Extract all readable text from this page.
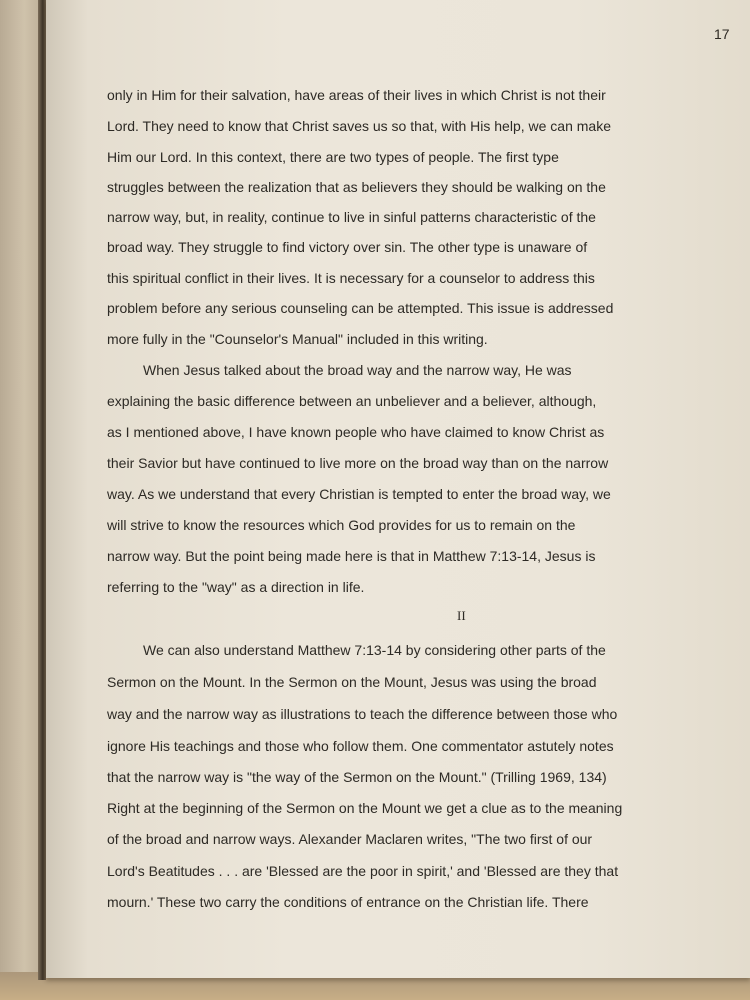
17

only in Him for their salvation, have areas of their lives in which Christ is not their

Lord. They need to know that Christ saves us so that, with His help, we can make

Him our Lord. In this context, there are two types of people. The first type

struggles between the realization that as believers they should be walking on the

narrow way, but, in reality, continue to live in sinful patterns characteristic of the

broad way. They struggle to find victory over sin. The other type is unaware of

this spiritual conflict in their lives. It is necessary for a counselor to address this

problem before any serious counseling can be attempted. This issue is addressed

more fully in the "Counselor's Manual" included in this writing.

When Jesus talked about the broad way and the narrow way, He was

explaining the basic difference between an unbeliever and a believer, although,

as I mentioned above, I have known people who have claimed to know Christ as

their Savior but have continued to live more on the broad way than on the narrow

way. As we understand that every Christian is tempted to enter the broad way, we

will strive to know the resources which God provides for us to remain on the

narrow way. But the point being made here is that in Matthew 7:13-14, Jesus is

referring to the "way" as a direction in life.

II

We can also understand Matthew 7:13-14 by considering other parts of the

Sermon on the Mount. In the Sermon on the Mount, Jesus was using the broad

way and the narrow way as illustrations to teach the difference between those who

ignore His teachings and those who follow them. One commentator astutely notes

that the narrow way is "the way of the Sermon on the Mount." (Trilling 1969, 134)

Right at the beginning of the Sermon on the Mount we get a clue as to the meaning

of the broad and narrow ways. Alexander Maclaren writes, "The two first of our

Lord's Beatitudes . . . are 'Blessed are the poor in spirit,' and 'Blessed are they that

mourn.' These two carry the conditions of entrance on the Christian life. There
